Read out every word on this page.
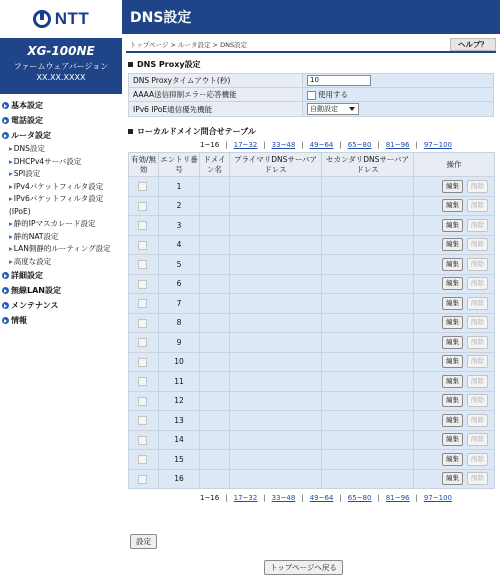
NTT
XG-100NE
ファームウェアバージョン
XX.XX.XXXX
基本設定
電話設定
ルータ設定
▸DNS設定
▸DHCPv4サーバ設定
▸SPI設定
▸IPv4パケットフィルタ設定
▸IPv6パケットフィルタ設定
(IPoE)
▸静的IPマスカレード設定
▸静的NAT設定
▸LAN側静的ルーティング設定
▸高度な設定
詳細設定
無線LAN設定
メンテナンス
情報
DNS設定
トップページ > ルータ設定 > DNS設定	ヘルプ？
DNS Proxy設定
DNS Proxyタイムアウト(秒)	10
AAAA送信抑制エラー応答機能	使用する
IPv6 IPoE通信優先機能	自動設定
ローカルドメイン問合せテーブル
1~16 | 17~32 | 33~48 | 49~64 | 65~80 | 81~96 | 97~100
有効/無効	エントリ番号	ドメイン名	プライマリDNSサーバアドレス	セカンダリDNSサーバアドレス	操作
	1				編集 削除

	2				編集 削除

	3				編集 削除

	4				編集 削除

	5				編集 削除

	6				編集 削除

	7				編集 削除

	8				編集 削除

	9				編集 削除

	10				編集 削除

	11				編集 削除

	12				編集 削除

	13				編集 削除

	14				編集 削除

	15				編集 削除

	16				編集 削除
1~16 | 17~32 | 33~48 | 49~64 | 65~80 | 81~96 | 97~100
設定
トップページへ戻る
